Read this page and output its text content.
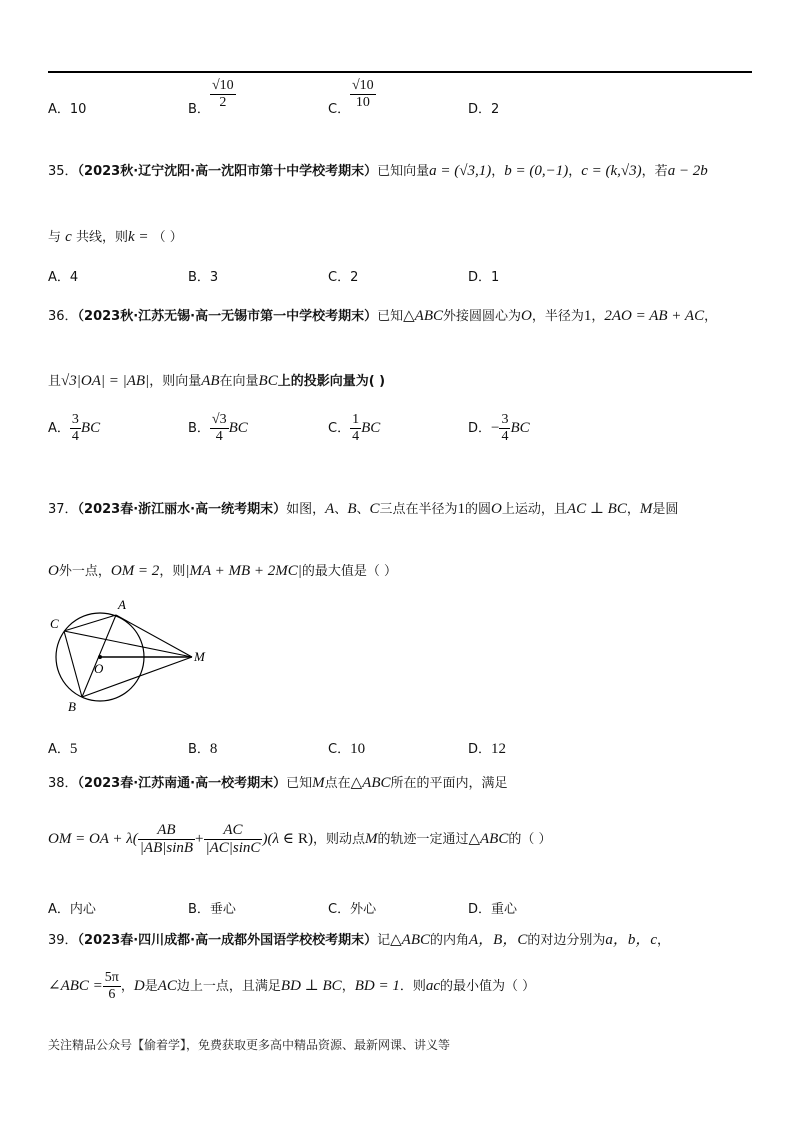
A．10	B． $\frac{√10}{2}$	C． $\frac{√10}{10}$	D．2
35．（2023秋·辽宁沈阳·高一沈阳市第十中学校考期末）已知向量a = (√3,1)，b = (0,−1)，c = (k,√3)，若a − 2b
与 c 共线，则k = （ ）
A．4	B．3	C．2	D．1
36．（2023秋·江苏无锡·高一无锡市第一中学校考期末）已知△ABC外接圆圆心为O，半径为1，2AO = AB + AC，
且√3|OA| = |AB|，则向量AB在向量BC上的投影向量为( )
A． $\frac{3}{4}$ BC	B． $\frac{√3}{4}$ BC	C． $\frac{1}{4}$ BC	D．− $\frac{3}{4}$ BC
37．（2023春·浙江丽水·高一统考期末）如图，A、B、C三点在半径为1的圆O上运动，且AC ⊥ BC，M是圆
O外一点，OM = 2，则|MA + MB + 2MC|的最大值是（ ）
A
C
O
M
B
A．5	B．8	C．10	D．12
38．（2023春·江苏南通·高一校考期末）已知M点在△ABC所在的平面内，满足
OM = OA + $\lambda( \frac{AB}{|AB|\sin B} + \frac{AC}{|AC|\sin C} )(\lambda$ ∈ R)，则动点M的轨迹一定通过△ABC的（ ）
A．内心	B．垂心	C．外心	D．重心
39．（2023春·四川成都·高一成都外国语学校校考期末）记△ABC的内角A，B，C的对边分别为a，b，c，
∠ABC = $\frac{5\pi}{6}$ ，D是AC边上一点，且满足BD ⊥ BC，BD = 1．则ac的最小值为（ ）
关注精品公众号【偷着学】，免费获取更多高中精品资源、最新网课、讲义等
